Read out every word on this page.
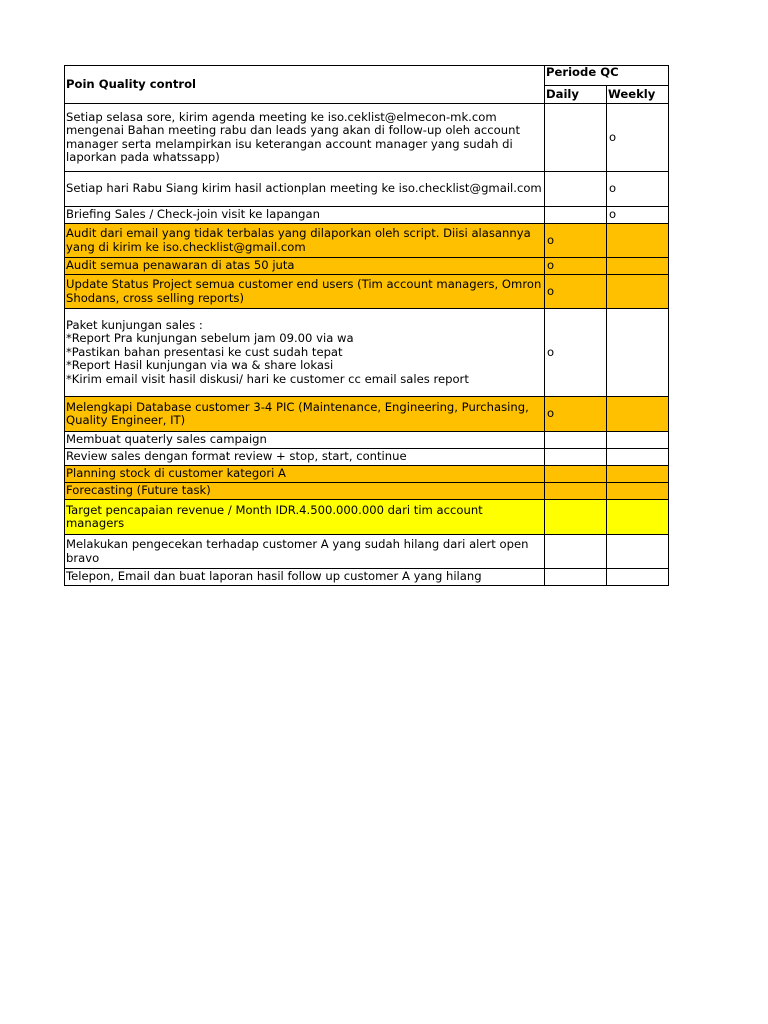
Poin Quality control	Periode QC	
	Daily	Weekly
Setiap selasa sore, kirim agenda meeting ke iso.ceklist@elmecon-mk.com
mengenai Bahan meeting rabu dan leads yang akan di follow-up oleh account
manager serta melampirkan isu keterangan account manager yang sudah di
laporkan pada whatssapp)		o
Setiap hari Rabu Siang kirim hasil actionplan meeting ke iso.checklist@gmail.com		o
Briefing Sales / Check-join visit ke lapangan		o
Audit dari email yang tidak terbalas yang dilaporkan oleh script. Diisi alasannya
yang di kirim ke iso.checklist@gmail.com	o	
Audit semua penawaran di atas 50 juta	o	
Update Status Project semua customer end users (Tim account managers, Omron
Shodans, cross selling reports)	o	
Paket kunjungan sales :
*Report Pra kunjungan sebelum jam 09.00 via wa
*Pastikan bahan presentasi ke cust sudah tepat
*Report Hasil kunjungan via wa & share lokasi
*Kirim email visit hasil diskusi/ hari ke customer cc email sales report	o	
Melengkapi Database customer 3-4 PIC (Maintenance, Engineering, Purchasing,
Quality Engineer, IT)	o	
Membuat quaterly sales campaign		
Review sales dengan format review + stop, start, continue		
Planning stock di customer kategori A		
Forecasting (Future task)		
Target pencapaian revenue / Month IDR.4.500.000.000 dari tim account managers		
Melakukan pengecekan terhadap customer A yang sudah hilang dari alert open
bravo		
Telepon, Email dan buat laporan hasil follow up customer A yang hilang		
